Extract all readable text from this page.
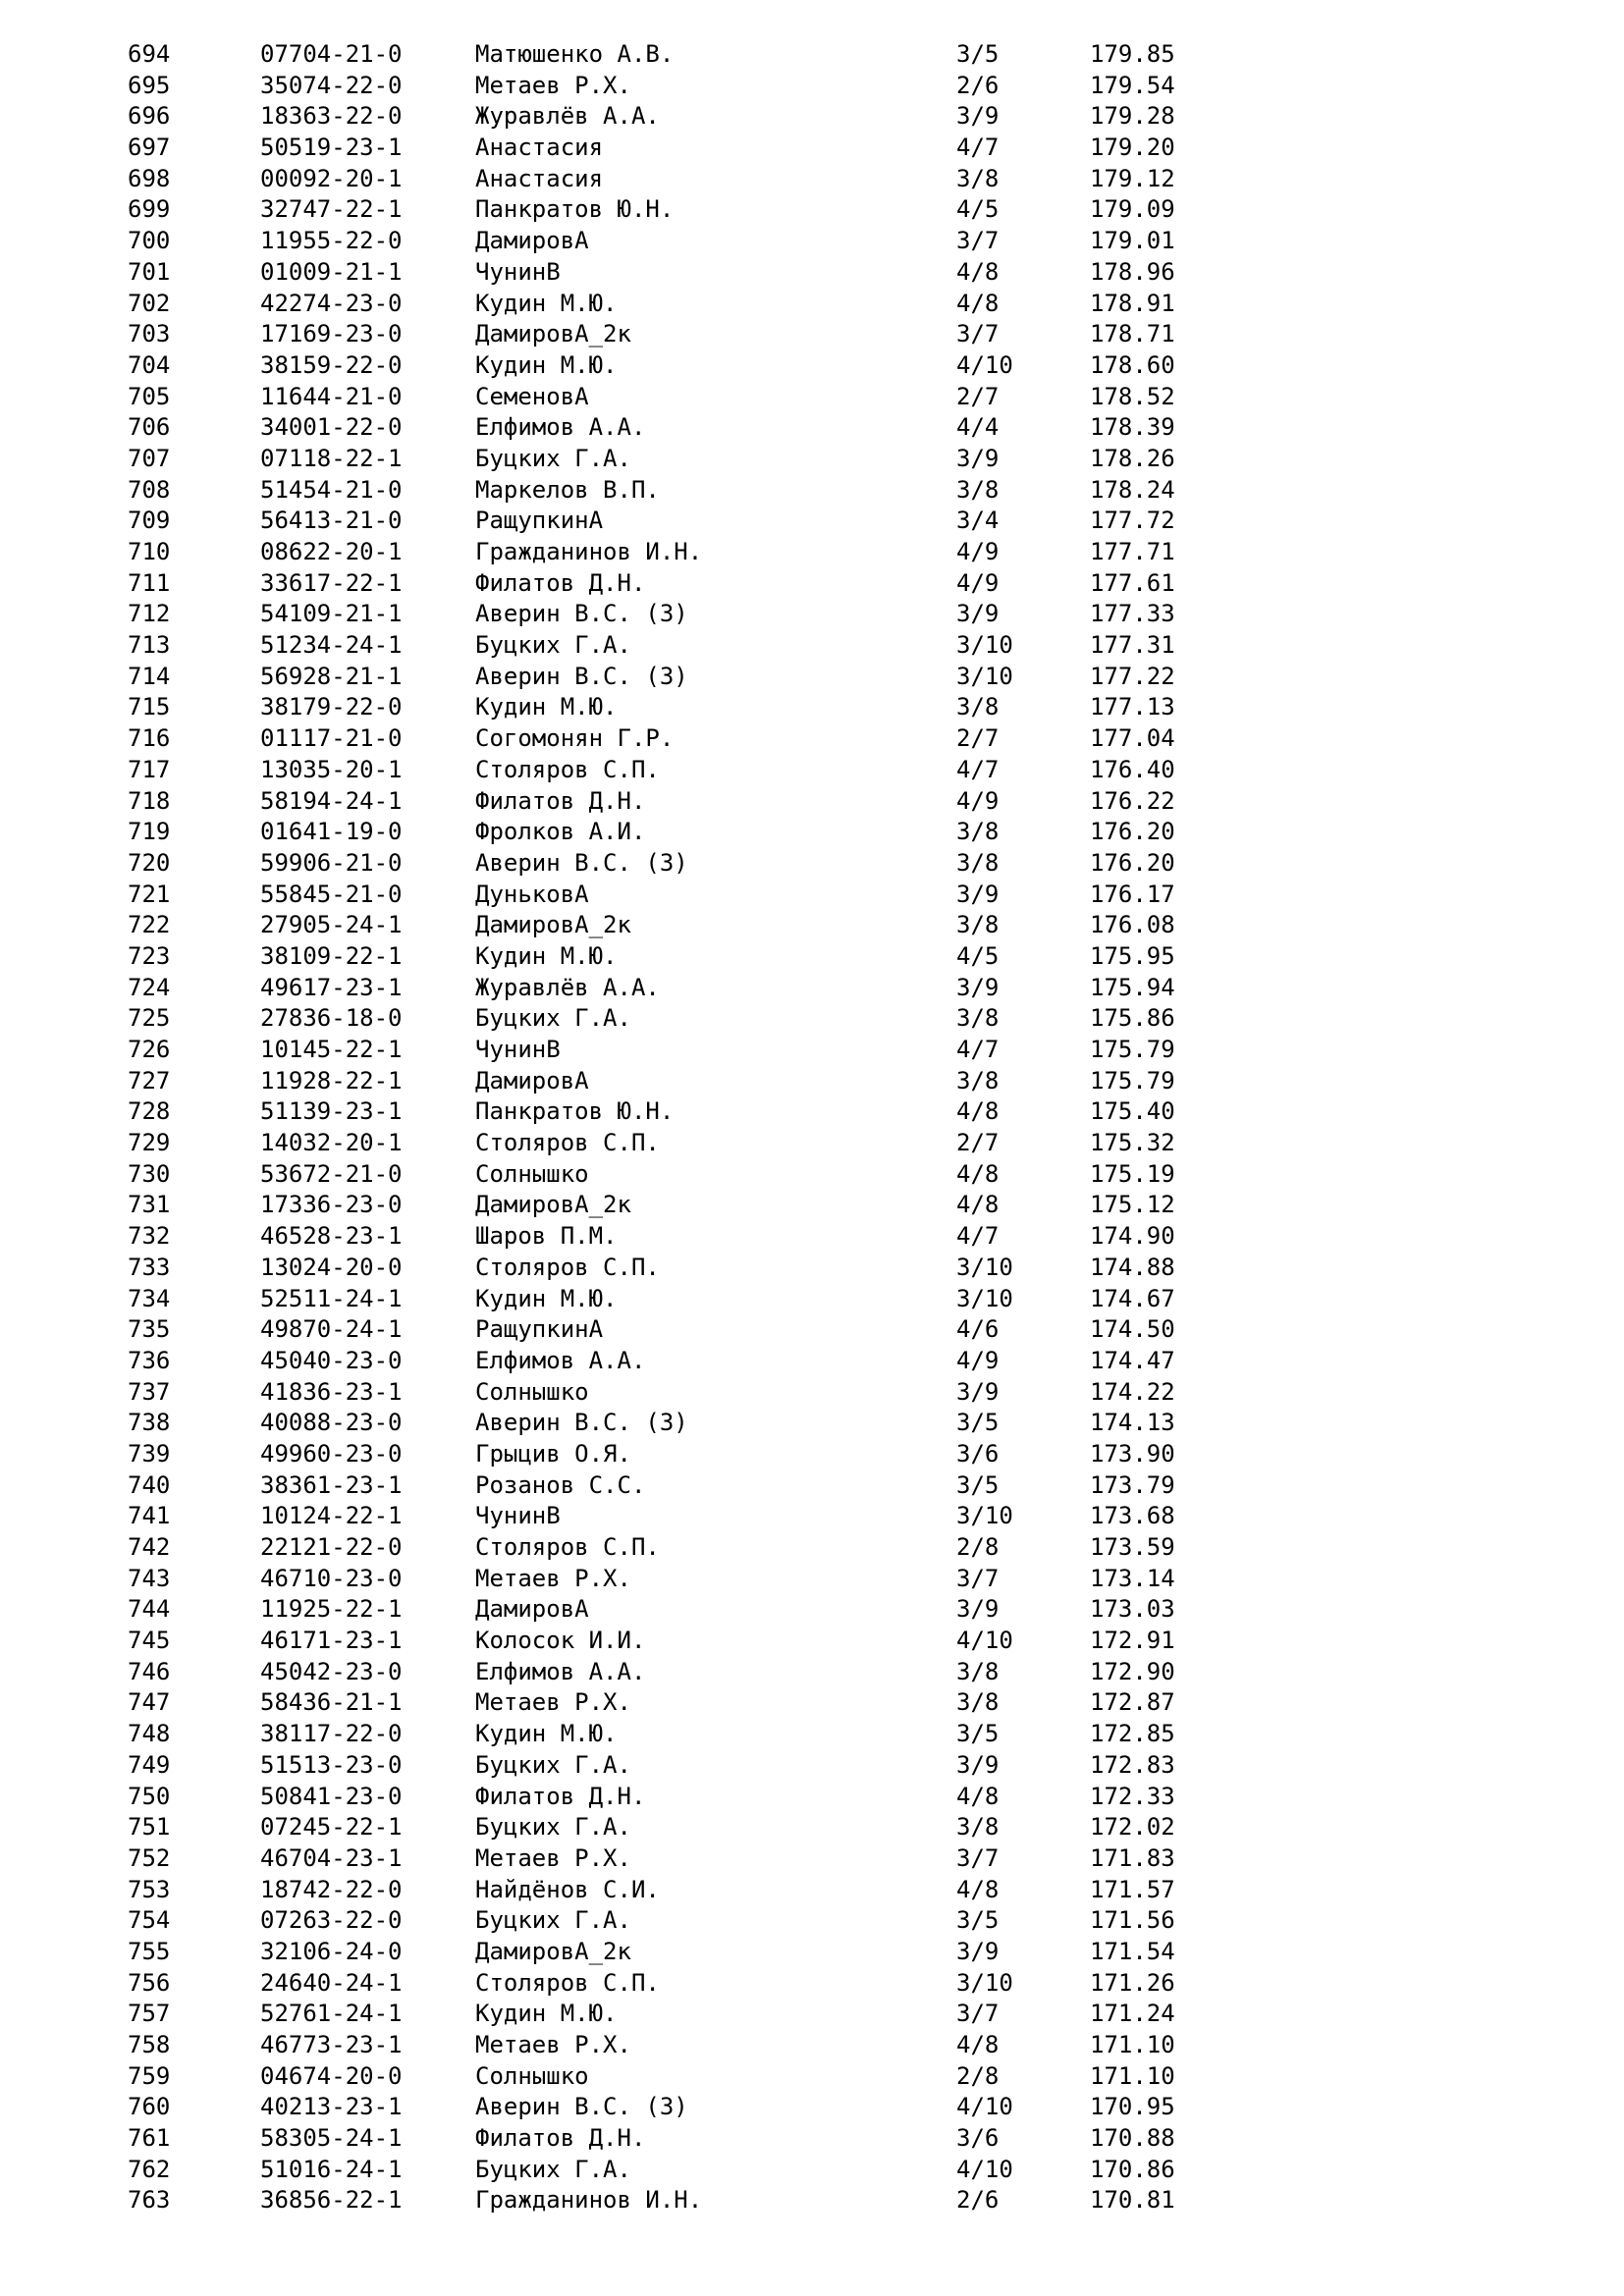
694	07704-21-0	Матюшенко А.В.	3/5	179.85
695	35074-22-0	Метаев Р.Х.	2/6	179.54
696	18363-22-0	Журавлёв А.А.	3/9	179.28
697	50519-23-1	Анастасия	4/7	179.20
698	00092-20-1	Анастасия	3/8	179.12
699	32747-22-1	Панкратов Ю.Н.	4/5	179.09
700	11955-22-0	ДамировА	3/7	179.01
701	01009-21-1	ЧунинВ	4/8	178.96
702	42274-23-0	Кудин М.Ю.	4/8	178.91
703	17169-23-0	ДамировА_2к	3/7	178.71
704	38159-22-0	Кудин М.Ю.	4/10	178.60
705	11644-21-0	СеменовА	2/7	178.52
706	34001-22-0	Елфимов А.А.	4/4	178.39
707	07118-22-1	Буцких Г.А.	3/9	178.26
708	51454-21-0	Маркелов В.П.	3/8	178.24
709	56413-21-0	РащупкинА	3/4	177.72
710	08622-20-1	Гражданинов И.Н.	4/9	177.71
711	33617-22-1	Филатов Д.Н.	4/9	177.61
712	54109-21-1	Аверин В.С. (З)	3/9	177.33
713	51234-24-1	Буцких Г.А.	3/10	177.31
714	56928-21-1	Аверин В.С. (З)	3/10	177.22
715	38179-22-0	Кудин М.Ю.	3/8	177.13
716	01117-21-0	Согомонян Г.Р.	2/7	177.04
717	13035-20-1	Столяров С.П.	4/7	176.40
718	58194-24-1	Филатов Д.Н.	4/9	176.22
719	01641-19-0	Фролков А.И.	3/8	176.20
720	59906-21-0	Аверин В.С. (З)	3/8	176.20
721	55845-21-0	ДуньковА	3/9	176.17
722	27905-24-1	ДамировА_2к	3/8	176.08
723	38109-22-1	Кудин М.Ю.	4/5	175.95
724	49617-23-1	Журавлёв А.А.	3/9	175.94
725	27836-18-0	Буцких Г.А.	3/8	175.86
726	10145-22-1	ЧунинВ	4/7	175.79
727	11928-22-1	ДамировА	3/8	175.79
728	51139-23-1	Панкратов Ю.Н.	4/8	175.40
729	14032-20-1	Столяров С.П.	2/7	175.32
730	53672-21-0	Солнышко	4/8	175.19
731	17336-23-0	ДамировА_2к	4/8	175.12
732	46528-23-1	Шаров П.М.	4/7	174.90
733	13024-20-0	Столяров С.П.	3/10	174.88
734	52511-24-1	Кудин М.Ю.	3/10	174.67
735	49870-24-1	РащупкинА	4/6	174.50
736	45040-23-0	Елфимов А.А.	4/9	174.47
737	41836-23-1	Солнышко	3/9	174.22
738	40088-23-0	Аверин В.С. (З)	3/5	174.13
739	49960-23-0	Грыцив О.Я.	3/6	173.90
740	38361-23-1	Розанов С.С.	3/5	173.79
741	10124-22-1	ЧунинВ	3/10	173.68
742	22121-22-0	Столяров С.П.	2/8	173.59
743	46710-23-0	Метаев Р.Х.	3/7	173.14
744	11925-22-1	ДамировА	3/9	173.03
745	46171-23-1	Колосок И.И.	4/10	172.91
746	45042-23-0	Елфимов А.А.	3/8	172.90
747	58436-21-1	Метаев Р.Х.	3/8	172.87
748	38117-22-0	Кудин М.Ю.	3/5	172.85
749	51513-23-0	Буцких Г.А.	3/9	172.83
750	50841-23-0	Филатов Д.Н.	4/8	172.33
751	07245-22-1	Буцких Г.А.	3/8	172.02
752	46704-23-1	Метаев Р.Х.	3/7	171.83
753	18742-22-0	Найдёнов С.И.	4/8	171.57
754	07263-22-0	Буцких Г.А.	3/5	171.56
755	32106-24-0	ДамировА_2к	3/9	171.54
756	24640-24-1	Столяров С.П.	3/10	171.26
757	52761-24-1	Кудин М.Ю.	3/7	171.24
758	46773-23-1	Метаев Р.Х.	4/8	171.10
759	04674-20-0	Солнышко	2/8	171.10
760	40213-23-1	Аверин В.С. (З)	4/10	170.95
761	58305-24-1	Филатов Д.Н.	3/6	170.88
762	51016-24-1	Буцких Г.А.	4/10	170.86
763	36856-22-1	Гражданинов И.Н.	2/6	170.81
